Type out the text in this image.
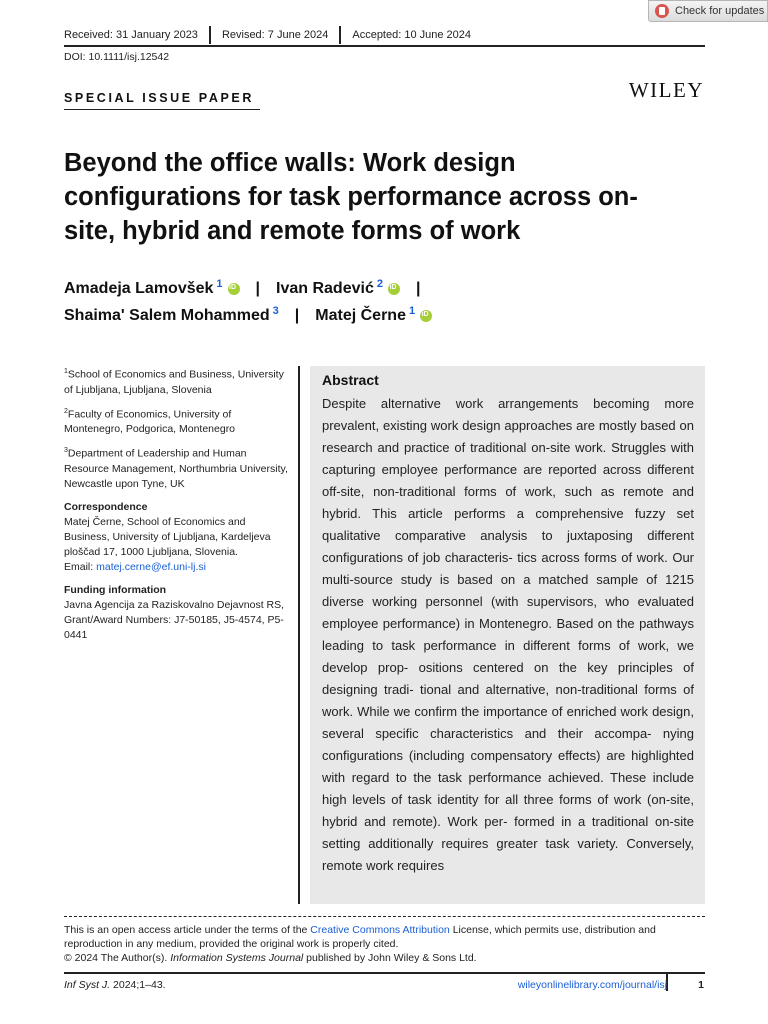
Check for updates
Received: 31 January 2023 Revised: 7 June 2024 Accepted: 10 June 2024
DOI: 10.1111/isj.12542
SPECIAL ISSUE PAPER	WILEY
Beyond the office walls: Work design configurations for task performance across on-site, hybrid and remote forms of work
Amadeja Lamovšek $^1$ iD | Ivan Radević $^2$ iD |
Shaima' Salem Mohammed $^3$ | Matej Černe $^1$
iD

$^1$School of Economics and Business, University of Ljubljana, Ljubljana, Slovenia

$^2$Faculty of Economics, University of Montenegro, Podgorica, Montenegro

$^3$Department of Leadership and Human Resource Management, Northumbria University, Newcastle upon Tyne, UK

Correspondence
Matej Černe, School of Economics and Business, University of Ljubljana, Kardeljeva ploščad 17, 1000 Ljubljana, Slovenia.
Email: matej.cerne@ef.uni-lj.si
Funding information
Javna Agencija za Raziskovalno Dejavnost RS, Grant/Award Numbers: J7-50185, J5-4574, P5-0441
Abstract
Despite alternative work arrangements becoming more prevalent, existing work design approaches are mostly based on research and practice of traditional on-site work. Struggles with capturing employee performance are reported across different off-site, non-traditional forms of work, such as remote and hybrid. This article performs a comprehensive fuzzy set qualitative comparative analysis to juxtaposing different configurations of job characteris- tics across forms of work. Our multi-source study is based on a matched sample of 1215 diverse working personnel (with supervisors, who evaluated employee performance) in Montenegro. Based on the pathways leading to task performance in different forms of work, we develop prop- ositions centered on the key principles of designing tradi- tional and alternative, non-traditional forms of work. While we confirm the importance of enriched work design, several specific characteristics and their accompa- nying configurations (including compensatory effects) are highlighted with regard to the task performance achieved. These include high levels of task identity for all three forms of work (on-site, hybrid and remote). Work per- formed in a traditional on-site setting additionally requires greater task variety. Conversely, remote work requires
This is an open access article under the terms of the Creative Commons Attribution License, which permits use, distribution and reproduction in any medium, provided the original work is properly cited.
© 2024 The Author(s). Information Systems Journal published by John Wiley & Sons Ltd.
Inf Syst J. 2024;1–43.	wileyonlinelibrary.com/journal/isj	1
